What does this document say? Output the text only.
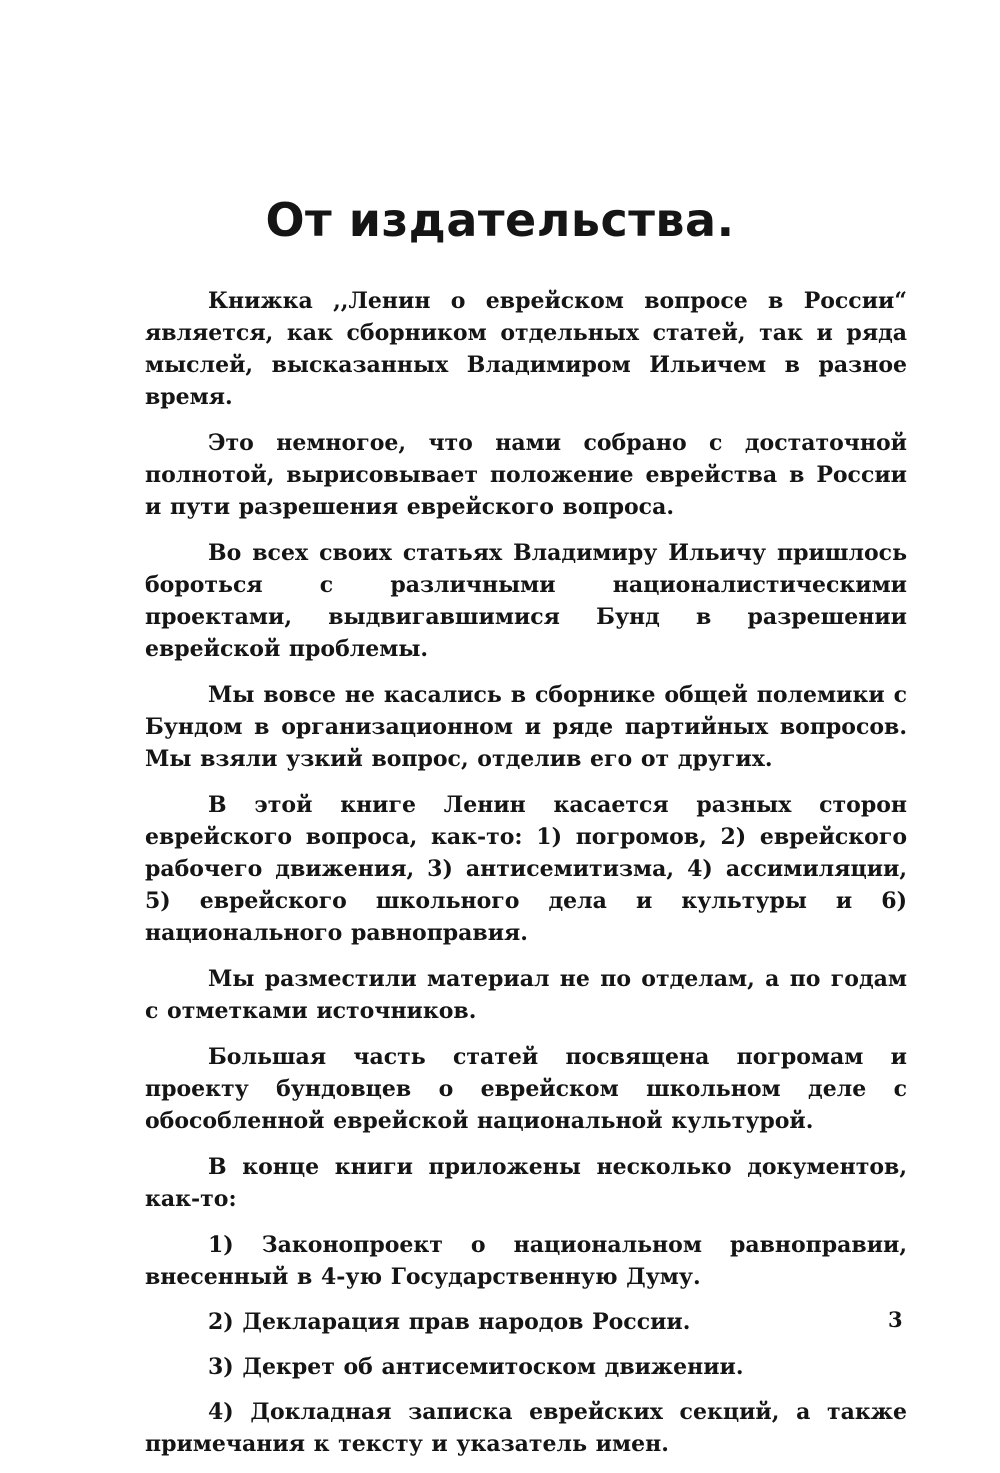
От издательства.

Книжка ,,Ленин о еврейском вопросе в России“ является, как сборником отдельных статей, так и ряда мыслей, высказанных Владимиром Ильичем в разное время.

Это немногое, что нами собрано с достаточной полнотой, вырисовывает положение еврейства в России и пути разрешения еврейского вопроса.

Во всех своих статьях Владимиру Ильичу пришлось бороться с различными националистическими проектами, выдвигавшимися Бунд в разрешении еврейской проблемы.

Мы вовсе не касались в сборнике общей полемики с Бундом в организационном и ряде партийных вопросов. Мы взяли узкий вопрос, отделив его от других.

В этой книге Ленин касается разных сторон еврейского вопроса, как-то: 1) погромов, 2) еврейского рабочего движения, 3) антисемитизма, 4) ассимиляции, 5) еврейского школьного дела и культуры и 6) национального равноправия.

Мы разместили материал не по отделам, а по годам с отметками источников.

Большая часть статей посвящена погромам и проекту бундовцев о еврейском школьном деле с обособленной еврейской национальной культурой.

В конце книги приложены несколько документов, как-то:

1) Законопроект о национальном равноправии, внесенный в 4-ую Государственную Думу.

2) Декларация прав народов России.

3) Декрет об антисемитоском движении.

4) Докладная записка еврейских секций, а также примечания к тексту и указатель имен.

3
